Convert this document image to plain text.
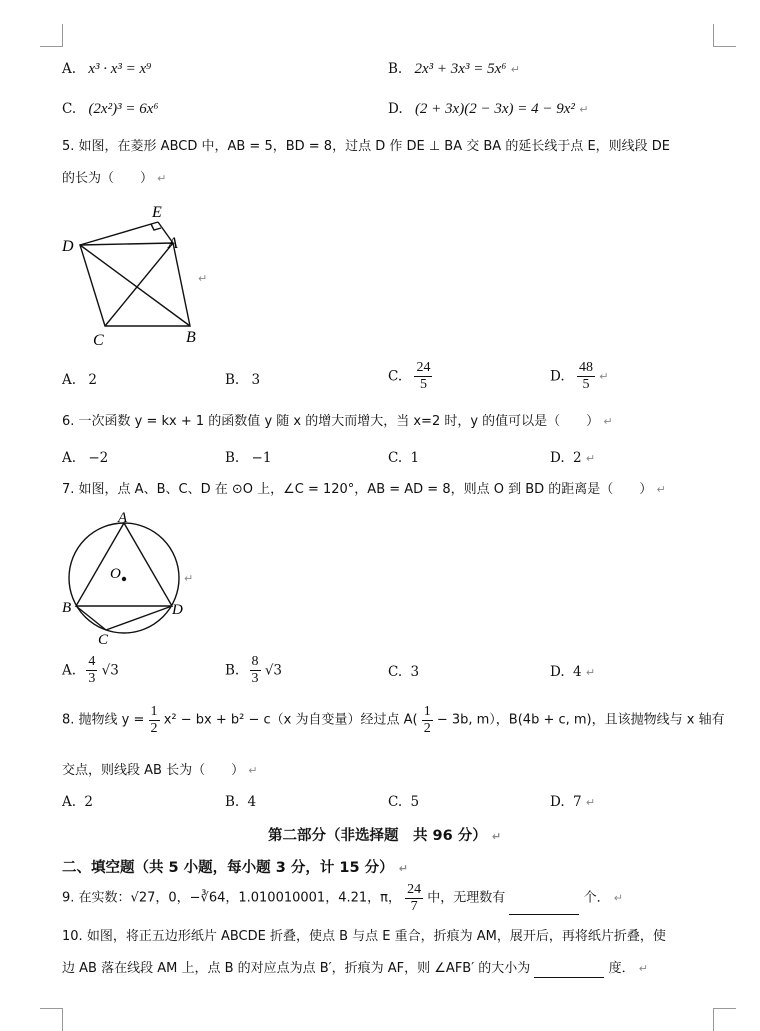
A. x³ · x³ = x⁹	B. 2x³ + 3x³ = 5x⁶ ↵
C. (2x²)³ = 6x⁶	D. (2 + 3x)(2 − 3x) = 4 − 9x² ↵
5. 如图，在菱形 ABCD 中，AB = 5，BD = 8，过点 D 作 DE ⊥ BA 交 BA 的延长线于点 E，则线段 DE
的长为（　　） ↵
E
D	A
C	B
↵
A. 2	B. 3	C. $\frac{24}{5}$	D. $\frac{48}{5}$ ↵
6. 一次函数 y = kx + 1 的函数值 y 随 x 的增大而增大，当 x=2 时，y 的值可以是（　　） ↵
A. −2	B. −1	C. 1	D. 2 ↵
7. 如图，点 A、B、C、D 在 ⊙O 上，∠C = 120°，AB = AD = 8，则点 O 到 BD 的距离是（　　） ↵
A
O
B	D
C
↵
A. $\frac{4}{3} √3$	B. $\frac{8}{3} √3$	C. 3	D. 4 ↵
8. 抛物线 $y = \frac{1}{2} x^2$ − bx + b² − c（x 为自变量）经过点 $A( \frac{1}{2} - 3b$, m），B(4b + c, m)，且该抛物线与 x 轴有
交点，则线段 AB 长为（　　） ↵
A. 2	B. 4	C. 5	D. 7 ↵
第二部分（非选择题　共 96 分） ↵
二、填空题（共 5 小题，每小题 3 分，计 15 分） ↵
9. 在实数：√27，0，−∛64，1.010010001，4.21，π， $\frac{24}{7}$ 中，无理数有	个． ↵
10. 如图，将正五边形纸片 ABCDE 折叠，使点 B 与点 E 重合，折痕为 AM，展开后，再将纸片折叠，使
边 AB 落在线段 AM 上，点 B 的对应点为点 B′，折痕为 AF，则 ∠AFB′ 的大小为	度． ↵
